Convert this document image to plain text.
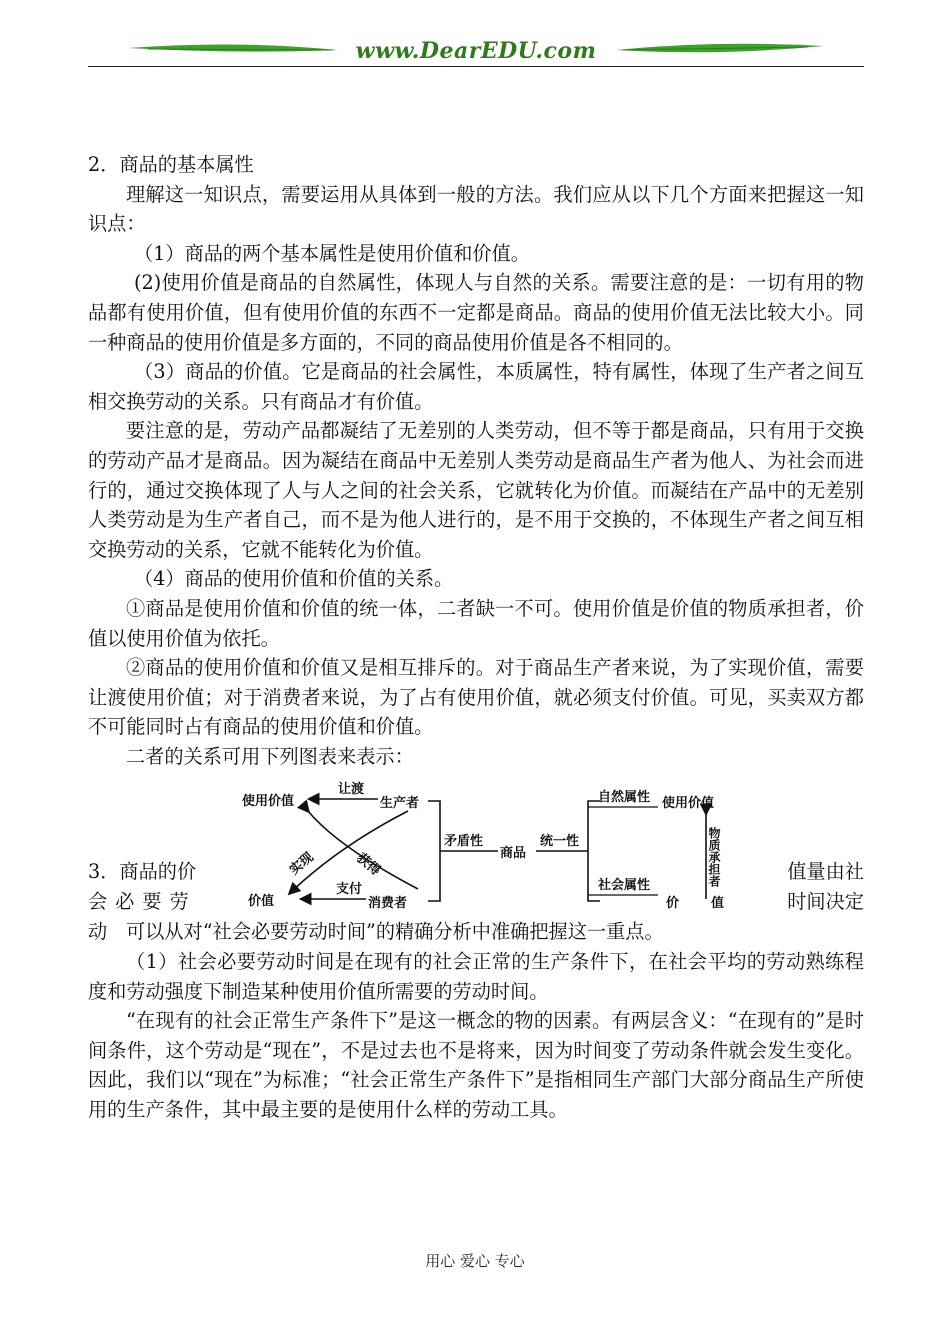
www.DearEDU.com

2．商品的基本属性

理解这一知识点，需要运用从具体到一般的方法。我们应从以下几个方面来把握这一知识点：

（1）商品的两个基本属性是使用价值和价值。

(2)使用价值是商品的自然属性，体现人与自然的关系。需要注意的是：一切有用的物品都有使用价值，但有使用价值的东西不一定都是商品。商品的使用价值无法比较大小。同一种商品的使用价值是多方面的，不同的商品使用价值是各不相同的。

（3）商品的价值。它是商品的社会属性，本质属性，特有属性，体现了生产者之间互相交换劳动的关系。只有商品才有价值。

要注意的是，劳动产品都凝结了无差别的人类劳动，但不等于都是商品，只有用于交换的劳动产品才是商品。因为凝结在商品中无差别人类劳动是商品生产者为他人、为社会而进行的，通过交换体现了人与人之间的社会关系，它就转化为价值。而凝结在产品中的无差别人类劳动是为生产者自己，而不是为他人进行的，是不用于交换的，不体现生产者之间互相交换劳动的关系，它就不能转化为价值。

（4）商品的使用价值和价值的关系。

①商品是使用价值和价值的统一体，二者缺一不可。使用价值是价值的物质承担者，价值以使用价值为依托。

②商品的使用价值和价值又是相互排斥的。对于商品生产者来说，为了实现价值，需要让渡使用价值；对于消费者来说，为了占有使用价值，就必须支付价值。可见，买卖双方都不可能同时占有商品的使用价值和价值。

二者的关系可用下列图表来表示：

3．商品的价
会必要劳动
使用价值
让渡
生产者
实现	获得
价值
支付
消费者
矛盾性
商品
统一性
自然属性 使用价值
社会属性	物质承担者
价值
值量由社
时间决定

可以从对“社会必要劳动时间”的精确分析中准确把握这一重点。

（1）社会必要劳动时间是在现有的社会正常的生产条件下，在社会平均的劳动熟练程度和劳动强度下制造某种使用价值所需要的劳动时间。

“在现有的社会正常生产条件下”是这一概念的物的因素。有两层含义：“在现有的”是时间条件，这个劳动是“现在”，不是过去也不是将来，因为时间变了劳动条件就会发生变化。因此，我们以“现在”为标准；“社会正常生产条件下”是指相同生产部门大部分商品生产所使用的生产条件，其中最主要的是使用什么样的劳动工具。

用心 爱心 专心
